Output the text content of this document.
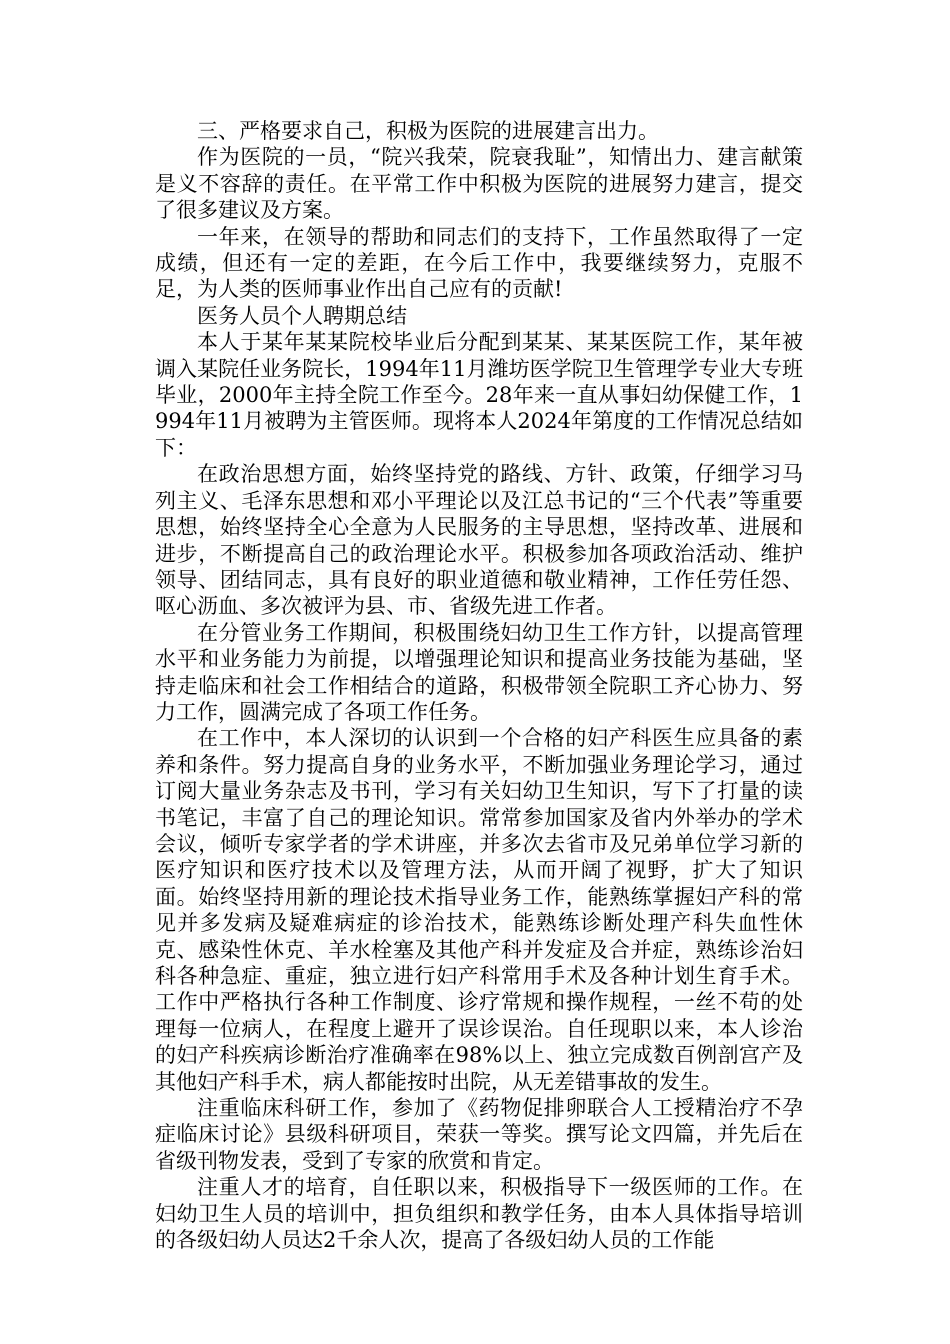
三、严格要求自己，积极为医院的进展建言出力。

作为医院的一员，“院兴我荣，院衰我耻”，知情出力、建言献策是义不容辞的责任。在平常工作中积极为医院的进展努力建言，提交了很多建议及方案。

一年来，在领导的帮助和同志们的支持下，工作虽然取得了一定成绩，但还有一定的差距，在今后工作中，我要继续努力，克服不足，为人类的医师事业作出自己应有的贡献!

医务人员个人聘期总结

本人于某年某某院校毕业后分配到某某、某某医院工作，某年被调入某院任业务院长，1994年11月潍坊医学院卫生管理学专业大专班毕业，2000年主持全院工作至今。28年来一直从事妇幼保健工作，1994年11月被聘为主管医师。现将本人2024年第度的工作情况总结如下：

在政治思想方面，始终坚持党的路线、方针、政策，仔细学习马列主义、毛泽东思想和邓小平理论以及江总书记的“三个代表”等重要思想，始终坚持全心全意为人民服务的主导思想，坚持改革、进展和进步，不断提高自己的政治理论水平。积极参加各项政治活动、维护领导、团结同志，具有良好的职业道德和敬业精神，工作任劳任怨、呕心沥血、多次被评为县、市、省级先进工作者。

在分管业务工作期间，积极围绕妇幼卫生工作方针，以提高管理水平和业务能力为前提，以增强理论知识和提高业务技能为基础，坚持走临床和社会工作相结合的道路，积极带领全院职工齐心协力、努力工作，圆满完成了各项工作任务。

在工作中，本人深切的认识到一个合格的妇产科医生应具备的素养和条件。努力提高自身的业务水平，不断加强业务理论学习，通过订阅大量业务杂志及书刊，学习有关妇幼卫生知识，写下了打量的读书笔记，丰富了自己的理论知识。常常参加国家及省内外举办的学术会议，倾听专家学者的学术讲座，并多次去省市及兄弟单位学习新的医疗知识和医疗技术以及管理方法，从而开阔了视野，扩大了知识面。始终坚持用新的理论技术指导业务工作，能熟练掌握妇产科的常见并多发病及疑难病症的诊治技术，能熟练诊断处理产科失血性休克、感染性休克、羊水栓塞及其他产科并发症及合并症，熟练诊治妇科各种急症、重症，独立进行妇产科常用手术及各种计划生育手术。工作中严格执行各种工作制度、诊疗常规和操作规程，一丝不苟的处理每一位病人，在程度上避开了误诊误治。自任现职以来，本人诊治的妇产科疾病诊断治疗准确率在98%以上、独立完成数百例剖宫产及其他妇产科手术，病人都能按时出院，从无差错事故的发生。

注重临床科研工作，参加了《药物促排卵联合人工授精治疗不孕症临床讨论》县级科研项目，荣获一等奖。撰写论文四篇，并先后在省级刊物发表，受到了专家的欣赏和肯定。

注重人才的培育，自任职以来，积极指导下一级医师的工作。在妇幼卫生人员的培训中，担负组织和教学任务，由本人具体指导培训的各级妇幼人员达2千余人次，提高了各级妇幼人员的工作能
